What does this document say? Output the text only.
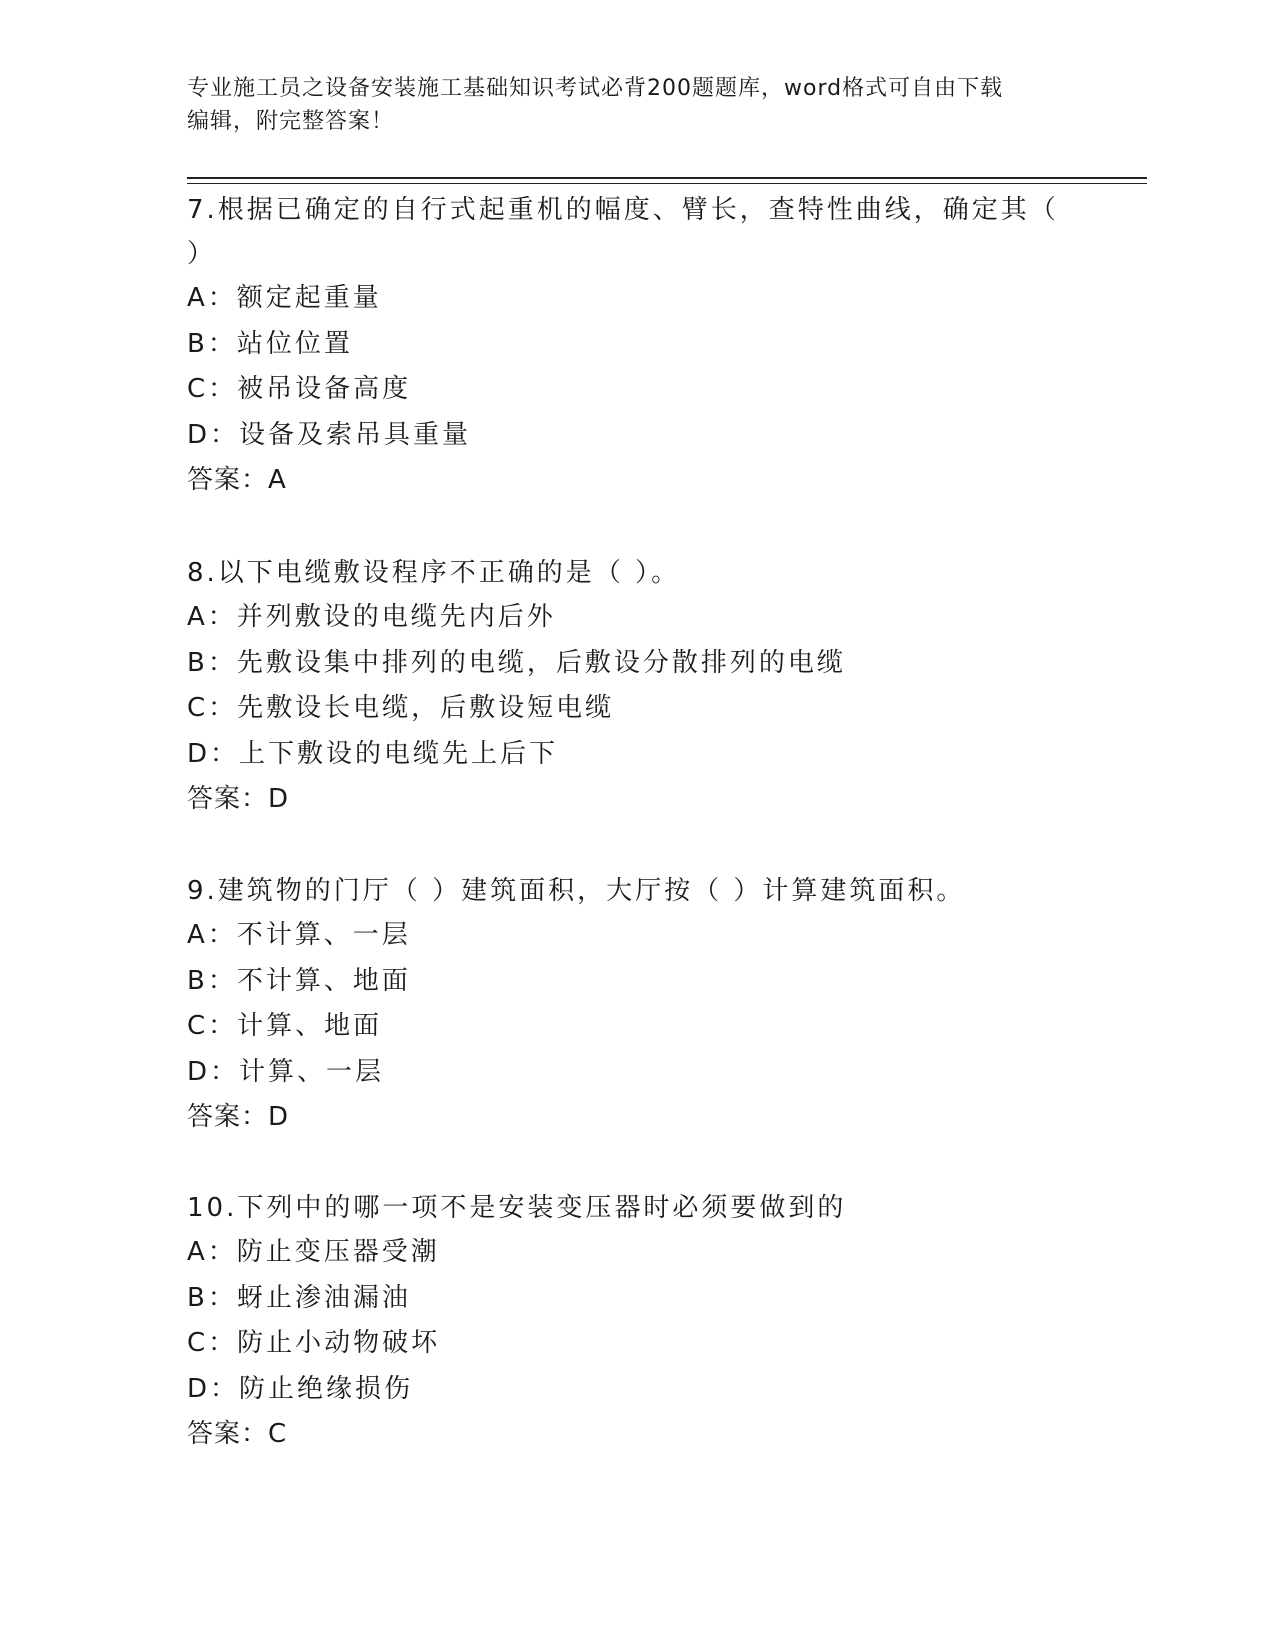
专业施工员之设备安装施工基础知识考试必背200题题库，word格式可自由下载
编辑，附完整答案！

7.根据已确定的自行式起重机的幅度、臂长，查特性曲线，确定其（

）

A：额定起重量

B：站位位置

C：被吊设备高度

D：设备及索吊具重量

答案：A

8.以下电缆敷设程序不正确的是（ ）。

A：并列敷设的电缆先内后外

B：先敷设集中排列的电缆，后敷设分散排列的电缆

C：先敷设长电缆，后敷设短电缆

D：上下敷设的电缆先上后下

答案：D

9.建筑物的门厅（ ）建筑面积，大厅按（ ）计算建筑面积。

A：不计算、一层

B：不计算、地面

C：计算、地面

D：计算、一层

答案：D

10.下列中的哪一项不是安装变压器时必须要做到的

A：防止变压器受潮

B：蚜止渗油漏油

C：防止小动物破坏

D：防止绝缘损伤

答案：C
